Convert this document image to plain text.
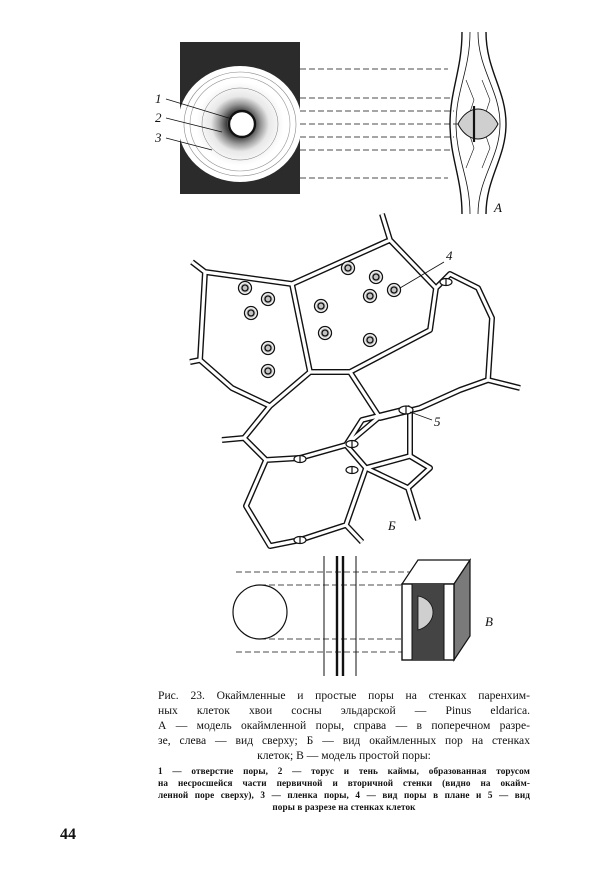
1
2
3
A
4
5
Б
В
Рис. 23. Окаймленные и простые поры на стенках паренхим-
ных клеток хвои сосны эльдарской — Pinus eldarica.
А — модель окаймленной поры, справа — в поперечном разре-
зе, слева — вид сверху; Б — вид окаймленных пор на стенках
клеток; В — модель простой поры:
1 — отверстие поры, 2 — торус и тень каймы, образованная торусом
на несросшейся части первичной и вторичной стенки (видно на окайм-
ленной поре сверху), 3 — пленка поры, 4 — вид поры в плане и 5 — вид
поры в разрезе на стенках клеток
44
